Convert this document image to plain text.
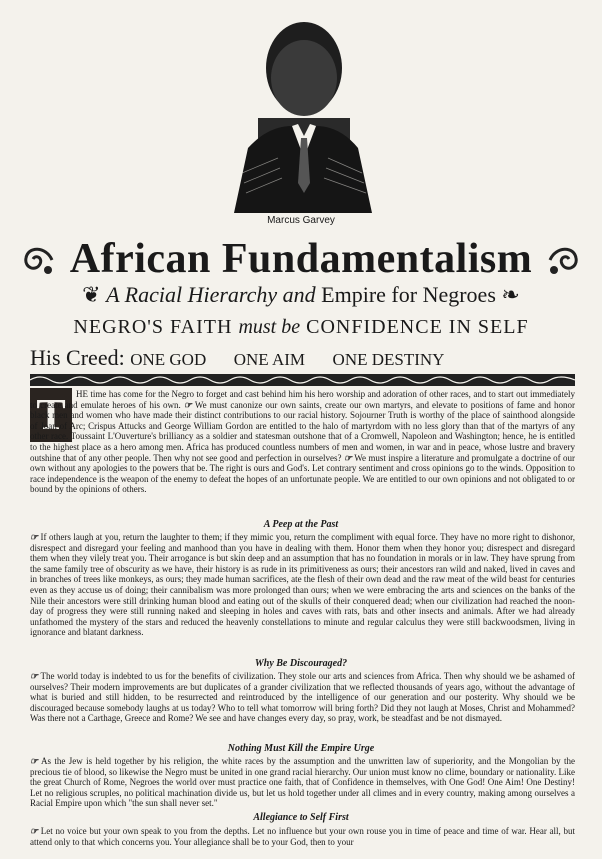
Marcus Garvey
African Fundamentalism
❦ A Racial Hierarchy and Empire for Negroes ❧
NEGRO'S FAITH must be CONFIDENCE IN SELF
His Creed: ONE GOD ONE AIM ONE DESTINY
T	HE time has come for the Negro to forget and cast behind him his hero worship and adoration of other races, and to start out immediately to create and emulate heroes of his own. ☞ We must canonize our own saints, create our own martyrs, and elevate to positions of fame and honor black men and women who have made their distinct contributions to our racial history. Sojourner Truth is worthy of the place of sainthood alongside of Joan of Arc; Crispus Attucks and George William Gordon are entitled to the halo of martyrdom with no less glory than that of the martyrs of any other race. Toussaint L'Ouverture's brilliancy as a soldier and statesman outshone that of a Cromwell, Napoleon and Washington; hence, he is entitled to the highest place as a hero among men. Africa has produced countless numbers of men and women, in war and in peace, whose lustre and bravery outshine that of any other people. Then why not see good and perfection in ourselves? ☞ We must inspire a literature and promulgate a doctrine of our own without any apologies to the powers that be. The right is ours and God's. Let contrary sentiment and cross opinions go to the winds. Opposition to race independence is the weapon of the enemy to defeat the hopes of an unfortunate people. We are entitled to our own opinions and not obligated to or bound by the opinions of others.
A Peep at the Past
☞ If others laugh at you, return the laughter to them; if they mimic you, return the compliment with equal force. They have no more right to dishonor, disrespect and disregard your feeling and manhood than you have in dealing with them. Honor them when they honor you; disrespect and disregard them when they vilely treat you. Their arrogance is but skin deep and an assumption that has no foundation in morals or in law. They have sprung from the same family tree of obscurity as we have, their history is as rude in its primitiveness as ours; their ancestors ran wild and naked, lived in caves and in branches of trees like monkeys, as ours; they made human sacrifices, ate the flesh of their own dead and the raw meat of the wild beast for centuries even as they accuse us of doing; their cannibalism was more prolonged than ours; when we were embracing the arts and sciences on the banks of the Nile their ancestors were still drinking human blood and eating out of the skulls of their conquered dead; when our civilization had reached the noon-day of progress they were still running naked and sleeping in holes and caves with rats, bats and other insects and animals. After we had already unfathomed the mystery of the stars and reduced the heavenly constellations to minute and regular calculus they were still backwoodsmen, living in ignorance and blatant darkness.
Why Be Discouraged?
☞ The world today is indebted to us for the benefits of civilization. They stole our arts and sciences from Africa. Then why should we be ashamed of ourselves? Their modern improvements are but duplicates of a grander civilization that we reflected thousands of years ago, without the advantage of what is buried and still hidden, to be resurrected and reintroduced by the intelligence of our generation and our posterity. Why should we be discouraged because somebody laughs at us today? Who to tell what tomorrow will bring forth? Did they not laugh at Moses, Christ and Mohammed? Was there not a Carthage, Greece and Rome? We see and have changes every day, so pray, work, be steadfast and be not dismayed.
Nothing Must Kill the Empire Urge
☞ As the Jew is held together by his religion, the white races by the assumption and the unwritten law of superiority, and the Mongolian by the precious tie of blood, so likewise the Negro must be united in one grand racial hierarchy. Our union must know no clime, boundary or nationality. Like the great Church of Rome, Negroes the world over must practice one faith, that of Confidence in themselves, with One God! One Aim! One Destiny! Let no religious scruples, no political machination divide us, but let us hold together under all climes and in every country, making among ourselves a Racial Empire upon which "the sun shall never set."
Allegiance to Self First
☞ Let no voice but your own speak to you from the depths. Let no influence but your own rouse you in time of peace and time of war. Hear all, but attend only to that which concerns you. Your allegiance shall be to your God, then to your
